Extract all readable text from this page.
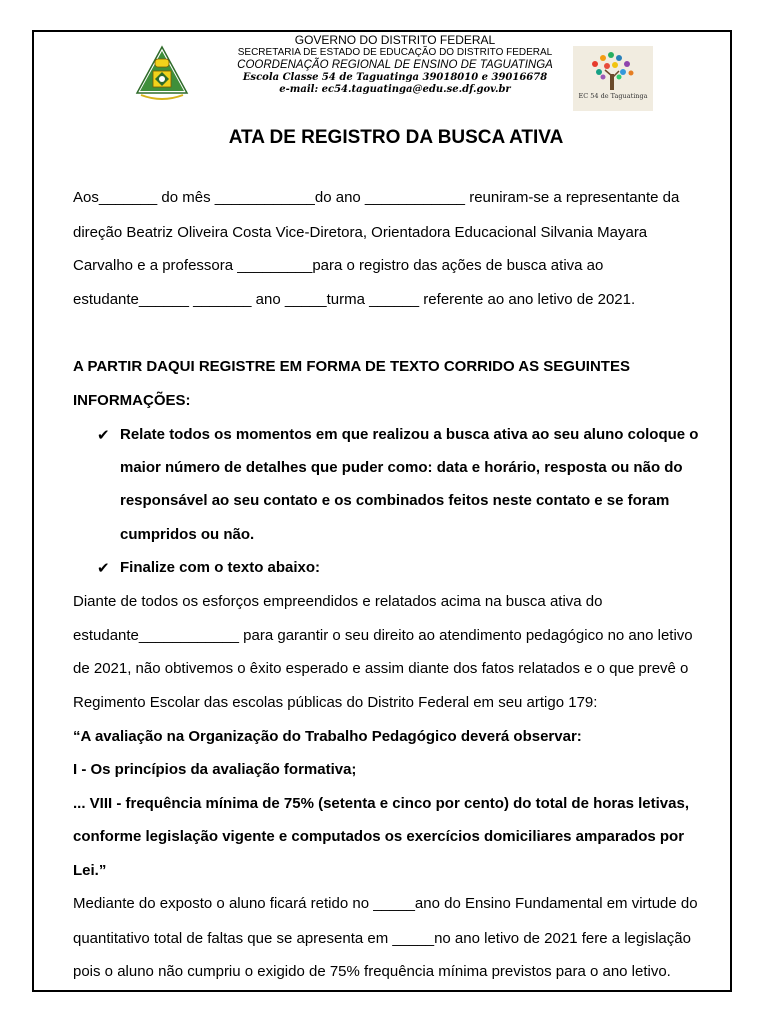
GOVERNO DO DISTRITO FEDERAL
SECRETARIA DE ESTADO DE EDUCAÇÃO DO DISTRITO FEDERAL
COORDENAÇÃO REGIONAL DE ENSINO DE TAGUATINGA
Escola Classe 54 de Taguatinga 39018010 e 39016678
e-mail: ec54.taguatinga@edu.se.df.gov.br
EC 54 de Taguatinga
ATA DE REGISTRO DA BUSCA ATIVA
Aos_______ do mês ____________do ano ____________ reuniram-se a representante da
direção Beatriz Oliveira Costa Vice-Diretora, Orientadora Educacional Silvania Mayara
Carvalho e a professora _________para o registro das ações de busca ativa ao
estudante______ _______ ano _____turma ______ referente ao ano letivo de 2021.
A PARTIR DAQUI REGISTRE EM FORMA DE TEXTO CORRIDO AS SEGUINTES
INFORMAÇÕES:
✔ Relate todos os momentos em que realizou a busca ativa ao seu aluno coloque o
maior número de detalhes que puder como: data e horário, resposta ou não do
responsável ao seu contato e os combinados feitos neste contato e se foram
cumpridos ou não.
✔ Finalize com o texto abaixo:
Diante de todos os esforços empreendidos e relatados acima na busca ativa do
estudante____________ para garantir o seu direito ao atendimento pedagógico no ano letivo
de 2021, não obtivemos o êxito esperado e assim diante dos fatos relatados e o que prevê o
Regimento Escolar das escolas públicas do Distrito Federal em seu artigo 179:
“A avaliação na Organização do Trabalho Pedagógico deverá observar:
I - Os princípios da avaliação formativa;
... VIII - frequência mínima de 75% (setenta e cinco por cento) do total de horas letivas,
conforme legislação vigente e computados os exercícios domiciliares amparados por
Lei.”
Mediante do exposto o aluno ficará retido no _____ano do Ensino Fundamental em virtude do
quantitativo total de faltas que se apresenta em _____no ano letivo de 2021 fere a legislação
pois o aluno não cumpriu o exigido de 75% frequência mínima previstos para o ano letivo.
